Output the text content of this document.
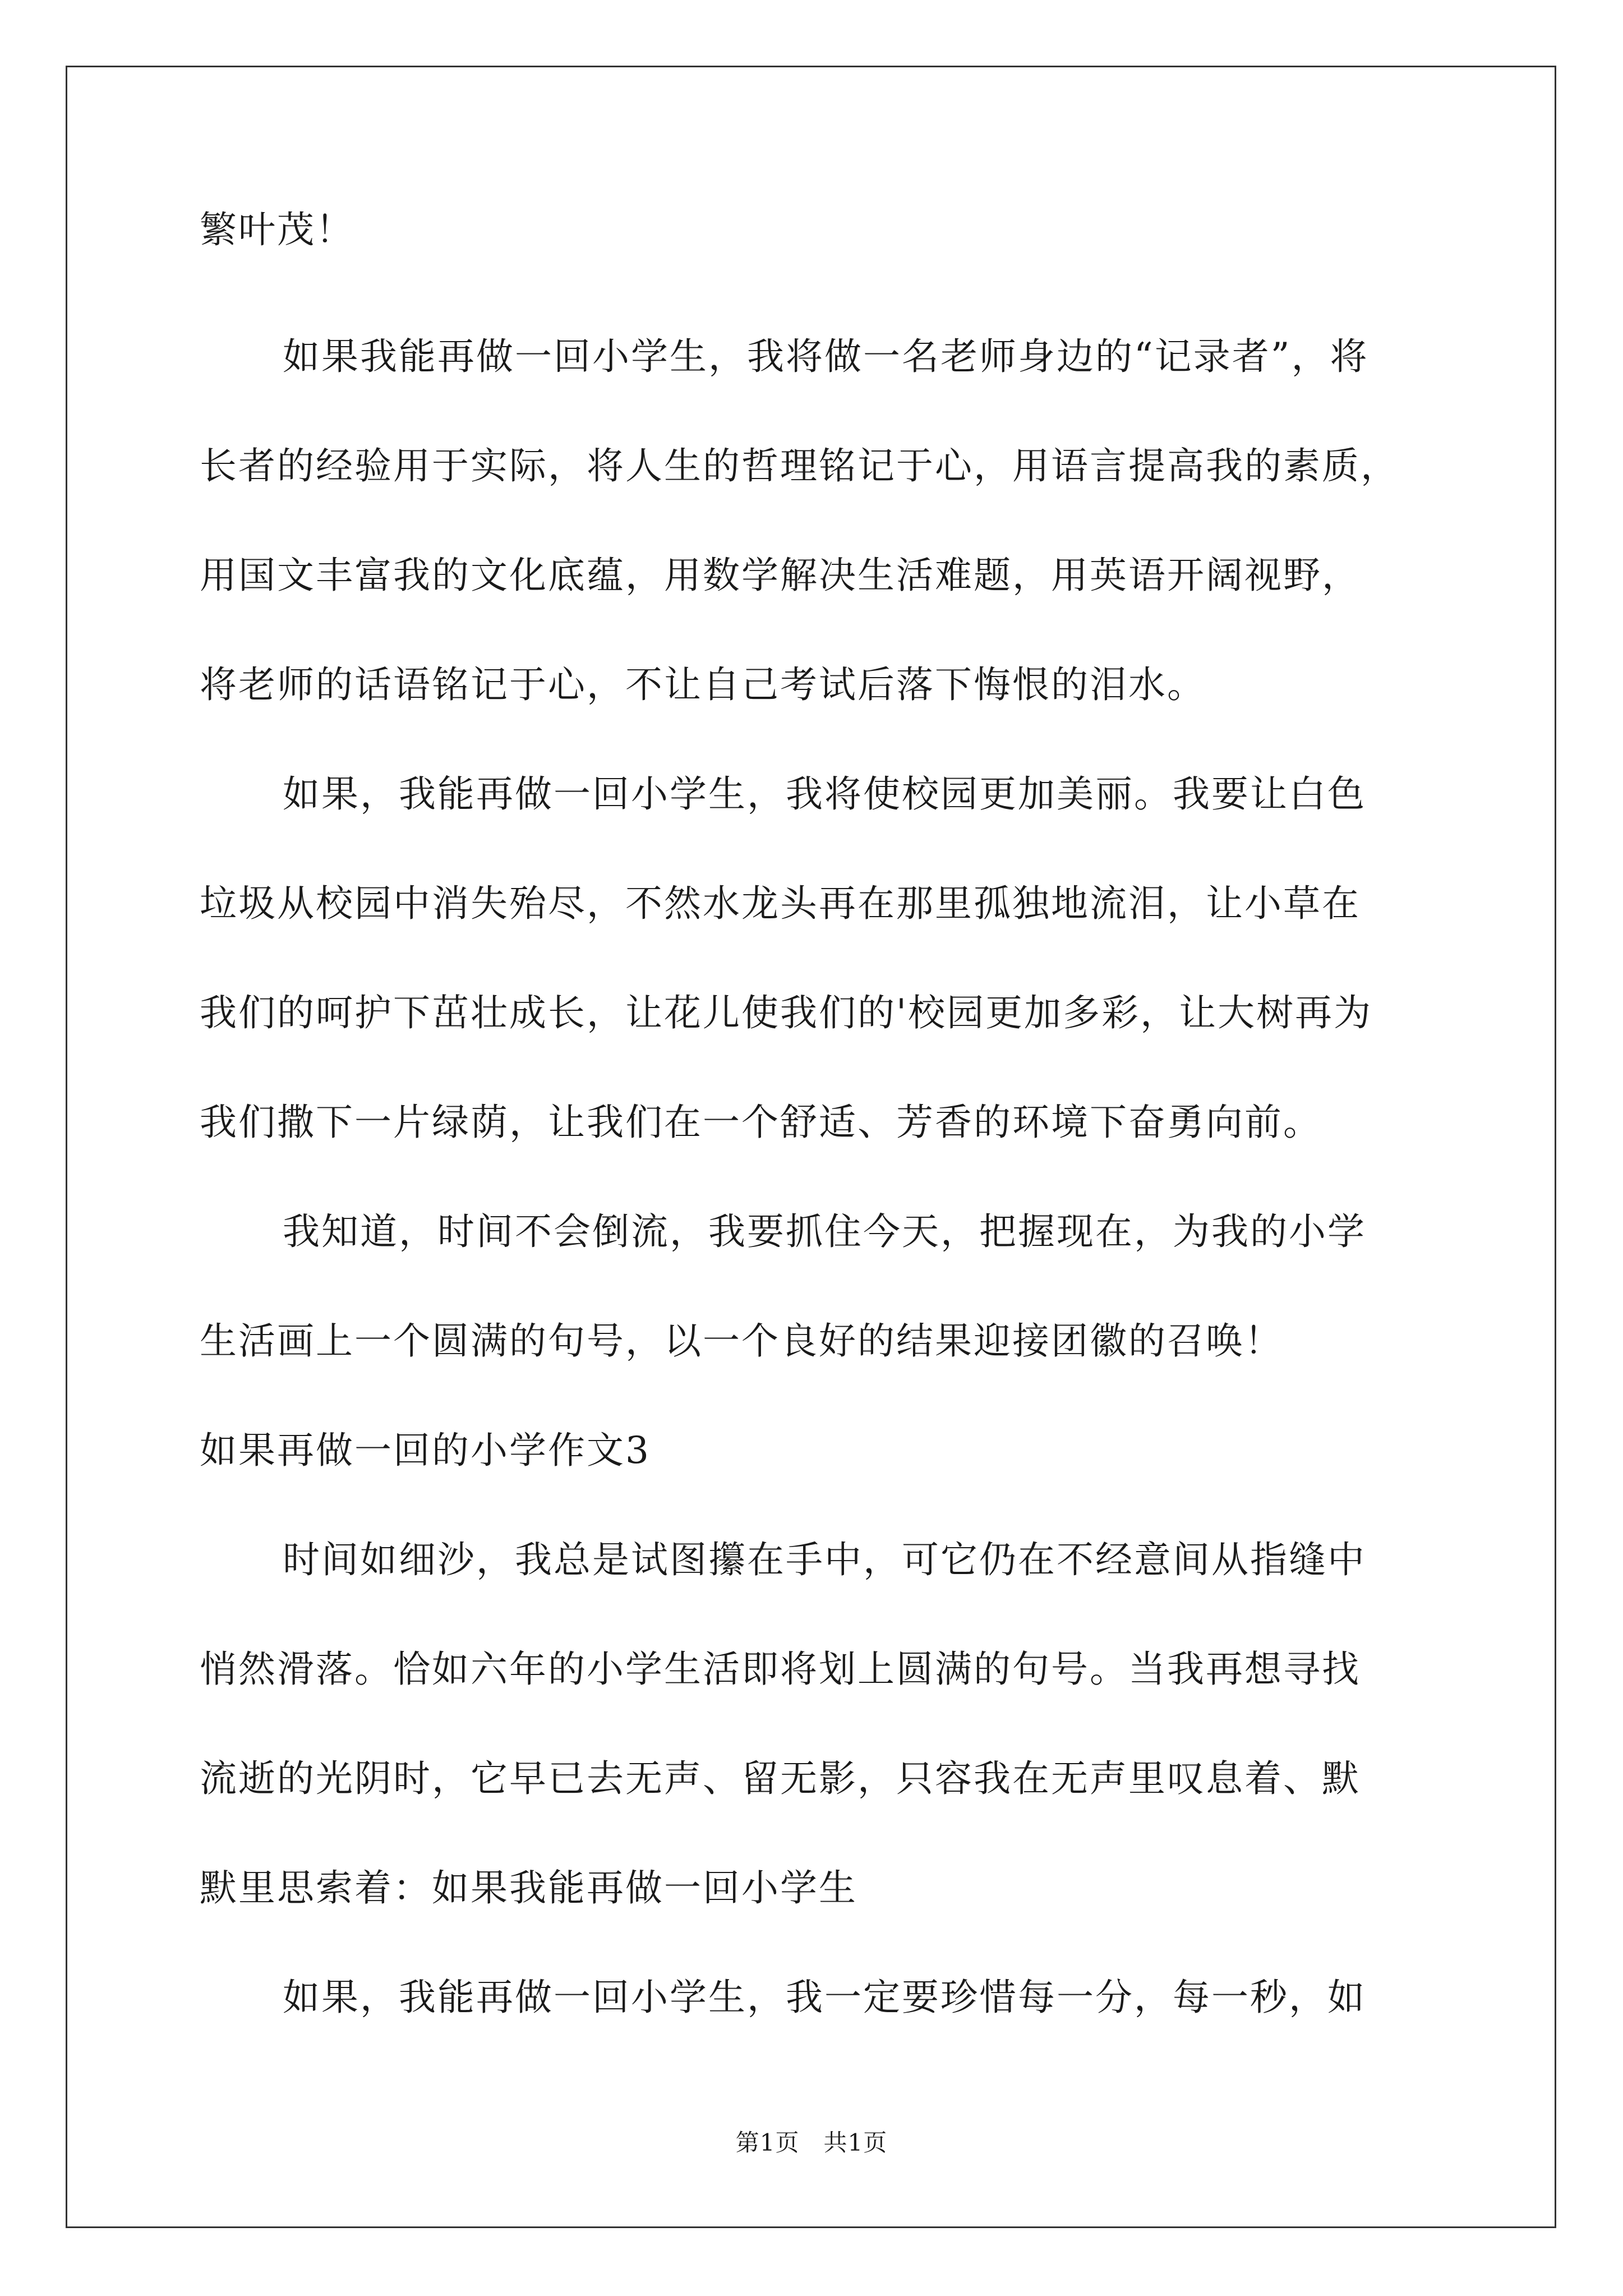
繁叶茂！
如果我能再做一回小学生，我将做一名老师身边的“记录者”，将
长者的经验用于实际，将人生的哲理铭记于心，用语言提高我的素质，
用国文丰富我的文化底蕴，用数学解决生活难题，用英语开阔视野，
将老师的话语铭记于心，不让自己考试后落下悔恨的泪水。
如果，我能再做一回小学生，我将使校园更加美丽。我要让白色
垃圾从校园中消失殆尽，不然水龙头再在那里孤独地流泪，让小草在
我们的呵护下茁壮成长，让花儿使我们的'校园更加多彩，让大树再为
我们撒下一片绿荫，让我们在一个舒适、芳香的环境下奋勇向前。
我知道，时间不会倒流，我要抓住今天，把握现在，为我的小学
生活画上一个圆满的句号，以一个良好的结果迎接团徽的召唤！
如果再做一回的小学作文3
时间如细沙，我总是试图攥在手中，可它仍在不经意间从指缝中
悄然滑落。恰如六年的小学生活即将划上圆满的句号。当我再想寻找
流逝的光阴时，它早已去无声、留无影，只容我在无声里叹息着、默
默里思索着：如果我能再做一回小学生
如果，我能再做一回小学生，我一定要珍惜每一分，每一秒，如
第1页　共1页
